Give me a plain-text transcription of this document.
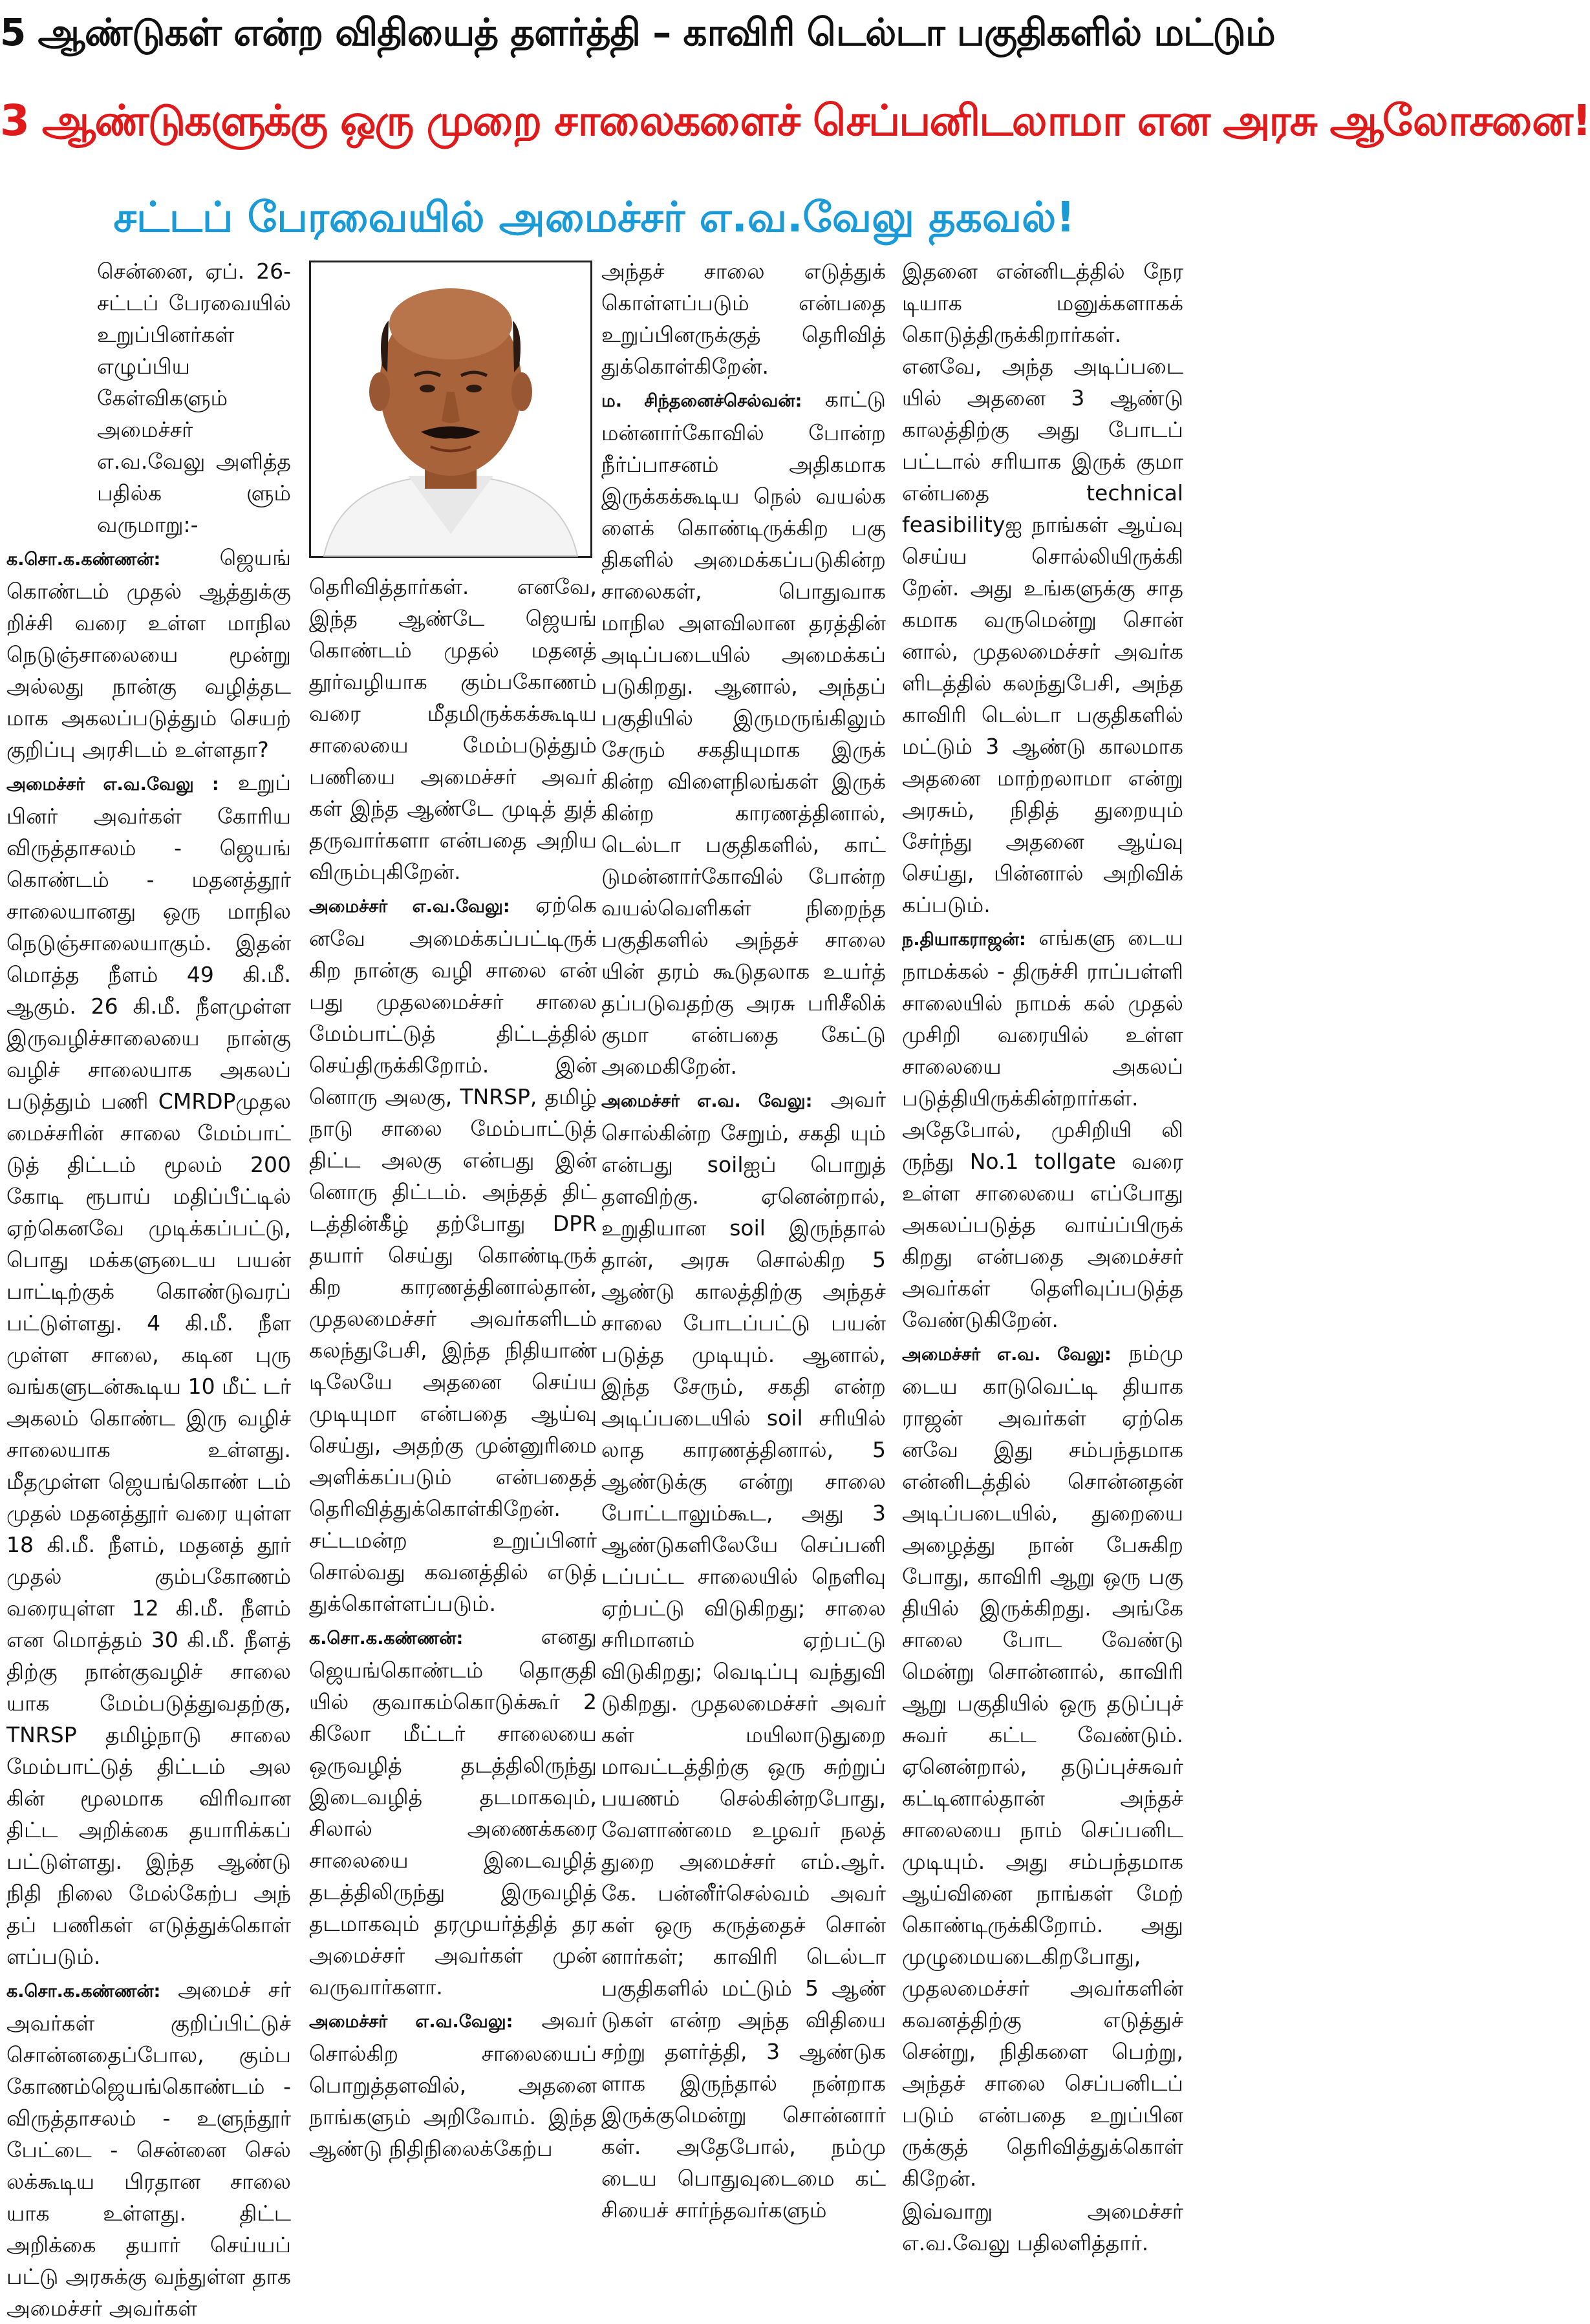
5 ஆண்டுகள் என்ற விதியைத் தளர்த்தி – காவிரி டெல்டா பகுதிகளில் மட்டும்
3 ஆண்டுகளுக்கு ஒரு முறை சாலைகளைச் செப்பனிடலாமா என அரசு ஆலோசனை!
சட்டப் பேரவையில் அமைச்சர் எ.வ.வேலு தகவல்!

சென்னை, ஏப். 26- சட்டப் பேரவையில் உறுப்பினர்கள் எழுப்பிய கேள்விகளும் அமைச்சர் எ.வ.வேலு அளித்த பதில்க ளும் வருமாறு:-

க.சொ.க.கண்ணன்:	ஜெயங் கொண்டம் முதல் ஆத்துக்கு றிச்சி வரை உள்ள மாநில நெடுஞ்சாலையை மூன்று அல்லது நான்கு வழித்தட மாக அகலப்படுத்தும் செயற் குறிப்பு அரசிடம் உள்ளதா?

அமைச்சர் எ.வ.வேலு : உறுப் பினர் அவர்கள் கோரிய விருத்தாசலம் - ஜெயங் கொண்டம் - மதனத்தூர் சாலையானது ஒரு மாநில நெடுஞ்சாலையாகும். இதன் மொத்த நீளம் 49 கி.மீ. ஆகும். 26 கி.மீ. நீளமுள்ள இருவழிச்சாலையை நான்கு வழிச் சாலையாக அகலப் படுத்தும் பணி CMRDPமுதல மைச்சரின் சாலை மேம்பாட் டுத் திட்டம் மூலம் 200 கோடி ரூபாய் மதிப்பீட்டில் ஏற்கெனவே முடிக்கப்பட்டு, பொது மக்களுடைய பயன் பாட்டிற்குக் கொண்டுவரப் பட்டுள்ளது. 4 கி.மீ. நீள முள்ள சாலை, கடின புரு வங்களுடன்கூடிய 10 மீட் டர் அகலம் கொண்ட இரு வழிச் சாலையாக உள்ளது. மீதமுள்ள ஜெயங்கொண் டம் முதல் மதனத்தூர் வரை யுள்ள 18 கி.மீ. நீளம், மதனத் தூர் முதல் கும்பகோணம் வரையுள்ள 12 கி.மீ. நீளம் என மொத்தம் 30 கி.மீ. நீளத் திற்கு நான்குவழிச் சாலை யாக மேம்படுத்துவதற்கு, TNRSP தமிழ்நாடு சாலை மேம்பாட்டுத் திட்டம் அல கின் மூலமாக விரிவான திட்ட அறிக்கை தயாரிக்கப் பட்டுள்ளது. இந்த ஆண்டு நிதி நிலை மேல்கேற்ப அந் தப் பணிகள் எடுத்துக்கொள் ளப்படும்.

க.சொ.க.கண்ணன்: அமைச் சர் அவர்கள் குறிப்பிட்டுச் சொன்னதைப்போல, கும்ப கோணம்ஜெயங்கொண்டம் - விருத்தாசலம் - உளுந்தூர் பேட்டை - சென்னை செல் லக்கூடிய பிரதான சாலை யாக உள்ளது. திட்ட அறிக்கை தயார் செய்யப் பட்டு அரசுக்கு வந்துள்ள தாக அமைச்சர் அவர்கள்

தெரிவித்தார்கள். எனவே, இந்த ஆண்டே ஜெயங் கொண்டம் முதல் மதனத் தூர்வழியாக கும்பகோணம் வரை மீதமிருக்கக்கூடிய சாலையை மேம்படுத்தும் பணியை அமைச்சர் அவர் கள் இந்த ஆண்டே முடித் துத் தருவார்களா என்பதை அறிய விரும்புகிறேன்.

அமைச்சர் எ.வ.வேலு: ஏற்கெ னவே அமைக்கப்பட்டிருக் கிற நான்கு வழி சாலை என் பது முதலமைச்சர் சாலை மேம்பாட்டுத் திட்டத்தில் செய்திருக்கிறோம். இன் னொரு அலகு, TNRSP, தமிழ் நாடு சாலை மேம்பாட்டுத் திட்ட அலகு என்பது இன் னொரு திட்டம். அந்தத் திட் டத்தின்கீழ் தற்போது DPR தயார் செய்து கொண்டிருக் கிற காரணத்தினால்தான், முதலமைச்சர் அவர்களிடம் கலந்துபேசி, இந்த நிதியாண் டிலேயே அதனை செய்ய முடியுமா என்பதை ஆய்வு செய்து, அதற்கு முன்னுரிமை அளிக்கப்படும் என்பதைத் தெரிவித்துக்கொள்கிறேன். சட்டமன்ற உறுப்பினர் சொல்வது கவனத்தில் எடுத் துக்கொள்ளப்படும்.

க.சொ.க.கண்ணன்:	எனது ஜெயங்கொண்டம் தொகுதி யில் குவாகம்கொடுக்கூர் 2 கிலோ மீட்டர் சாலையை ஒருவழித் தடத்திலிருந்து இடைவழித் தடமாகவும், சிலால் அணைக்கரை சாலையை இடைவழித் தடத்திலிருந்து இருவழித் தடமாகவும் தரமுயர்த்தித் தர அமைச்சர் அவர்கள் முன் வருவார்களா.

அமைச்சர் எ.வ.வேலு: அவர் சொல்கிற சாலையைப் பொறுத்தளவில், அதனை நாங்களும் அறிவோம். இந்த ஆண்டு நிதிநிலைக்கேற்ப

அந்தச் சாலை எடுத்துக் கொள்ளப்படும் என்பதை உறுப்பினருக்குத் தெரிவித் துக்கொள்கிறேன்.

ம. சிந்தனைச்செல்வன்: காட்டு மன்னார்கோவில் போன்ற நீர்ப்பாசனம் அதிகமாக இருக்கக்கூடிய நெல் வயல்க ளைக் கொண்டிருக்கிற பகு திகளில் அமைக்கப்படுகின்ற சாலைகள், பொதுவாக மாநில அளவிலான தரத்தின் அடிப்படையில் அமைக்கப் படுகிறது. ஆனால், அந்தப் பகுதியில் இருமருங்கிலும் சேரும் சகதியுமாக இருக் கின்ற விளைநிலங்கள் இருக் கின்ற காரணத்தினால், டெல்டா பகுதிகளில், காட் டுமன்னார்கோவில் போன்ற வயல்வெளிகள் நிறைந்த பகுதிகளில் அந்தச் சாலை யின் தரம் கூடுதலாக உயர்த் தப்படுவதற்கு அரசு பரிசீலிக் குமா என்பதை கேட்டு அமைகிறேன்.

அமைச்சர் எ.வ. வேலு: அவர் சொல்கின்ற சேறும், சகதி யும் என்பது soilஐப் பொறுத் தளவிற்கு. ஏனென்றால், உறுதியான soil இருந்தால் தான், அரசு சொல்கிற 5 ஆண்டு காலத்திற்கு அந்தச் சாலை போடப்பட்டு பயன் படுத்த முடியும். ஆனால், இந்த சேரும், சகதி என்ற அடிப்படையில் soil சரியில் லாத காரணத்தினால், 5 ஆண்டுக்கு என்று சாலை போட்டாலும்கூட, அது 3 ஆண்டுகளிலேயே செப்பனி டப்பட்ட சாலையில் நெளிவு ஏற்பட்டு விடுகிறது; சாலை சரிமானம் ஏற்பட்டு விடுகிறது; வெடிப்பு வந்துவி டுகிறது. முதலமைச்சர் அவர் கள் மயிலாடுதுறை மாவட்டத்திற்கு ஒரு சுற்றுப் பயணம் செல்கின்றபோது, வேளாண்மை உழவர் நலத் துறை அமைச்சர் எம்.ஆர். கே. பன்னீர்செல்வம் அவர் கள் ஒரு கருத்தைச் சொன் னார்கள்; காவிரி டெல்டா பகுதிகளில் மட்டும் 5 ஆண் டுகள் என்ற அந்த விதியை சற்று தளர்த்தி, 3 ஆண்டுக ளாக இருந்தால் நன்றாக இருக்குமென்று சொன்னார் கள். அதேபோல், நம்மு டைய பொதுவுடைமை கட் சியைச் சார்ந்தவர்களும்

இதனை என்னிடத்தில் நேர டியாக மனுக்களாகக் கொடுத்திருக்கிறார்கள். எனவே, அந்த அடிப்படை யில் அதனை 3 ஆண்டு காலத்திற்கு அது போடப் பட்டால் சரியாக இருக் குமா என்பதை technical feasibilityஐ நாங்கள் ஆய்வு செய்ய சொல்லியிருக்கி றேன். அது உங்களுக்கு சாத கமாக வருமென்று சொன் னால், முதலமைச்சர் அவர்க ளிடத்தில் கலந்துபேசி, அந்த காவிரி டெல்டா பகுதிகளில் மட்டும் 3 ஆண்டு காலமாக அதனை மாற்றலாமா என்று அரசும், நிதித் துறையும் சேர்ந்து அதனை ஆய்வு செய்து, பின்னால் அறிவிக் கப்படும்.

ந.தியாகராஜன்: எங்களு டைய நாமக்கல் - திருச்சி ராப்பள்ளி சாலையில் நாமக் கல் முதல் முசிறி வரையில் உள்ள சாலையை அகலப் படுத்தியிருக்கின்றார்கள். அதேபோல், முசிறியி லி ருந்து No.1 tollgate வரை உள்ள சாலையை எப்போது அகலப்படுத்த வாய்ப்பிருக் கிறது என்பதை அமைச்சர் அவர்கள் தெளிவுப்படுத்த வேண்டுகிறேன்.

அமைச்சர் எ.வ. வேலு: நம்மு டைய காடுவெட்டி தியாக ராஜன் அவர்கள் ஏற்கெ னவே இது சம்பந்தமாக என்னிடத்தில் சொன்னதன் அடிப்படையில், துறையை அழைத்து நான் பேசுகிற போது, காவிரி ஆறு ஒரு பகு தியில் இருக்கிறது. அங்கே சாலை போட வேண்டு மென்று சொன்னால், காவிரி ஆறு பகுதியில் ஒரு தடுப்புச் சுவர் கட்ட வேண்டும். ஏனென்றால், தடுப்புச்சுவர் கட்டினால்தான் அந்தச் சாலையை நாம் செப்பனிட முடியும். அது சம்பந்தமாக ஆய்வினை நாங்கள் மேற் கொண்டிருக்கிறோம். அது முழுமையடைகிறபோது, முதலமைச்சர் அவர்களின் கவனத்திற்கு எடுத்துச் சென்று, நிதிகளை பெற்று, அந்தச் சாலை செப்பனிடப் படும் என்பதை உறுப்பின ருக்குத் தெரிவித்துக்கொள் கிறேன்.

இவ்வாறு அமைச்சர் எ.வ.வேலு பதிலளித்தார்.
